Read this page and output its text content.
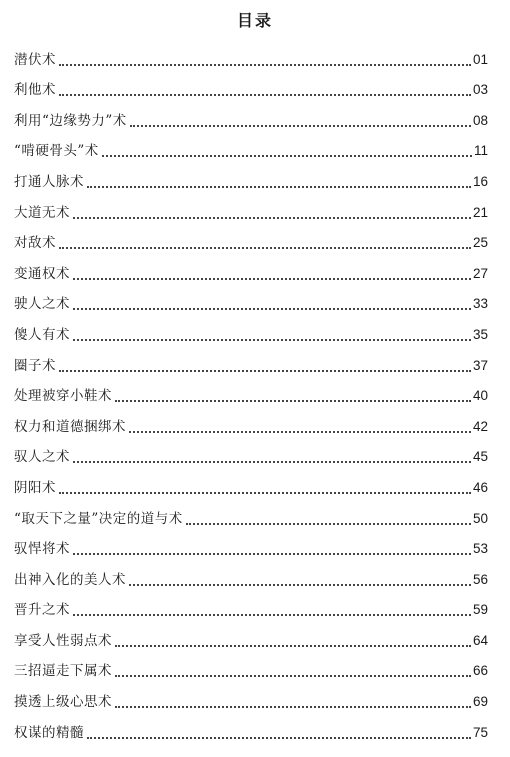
目录
潜伏术	01
利他术	03
利用“边缘势力”术	08
“啃硬骨头”术	11
打通人脉术	16
大道无术	21
对敌术	25
变通权术	27
驶人之术	33
傻人有术	35
圈子术	37
处理被穿小鞋术	40
权力和道德捆绑术	42
驭人之术	45
阴阳术	46
“取天下之量”决定的道与术	50
驭悍将术	53
出神入化的美人术	56
晋升之术	59
享受人性弱点术	64
三招逼走下属术	66
摸透上级心思术	69
权谋的精髓	75
